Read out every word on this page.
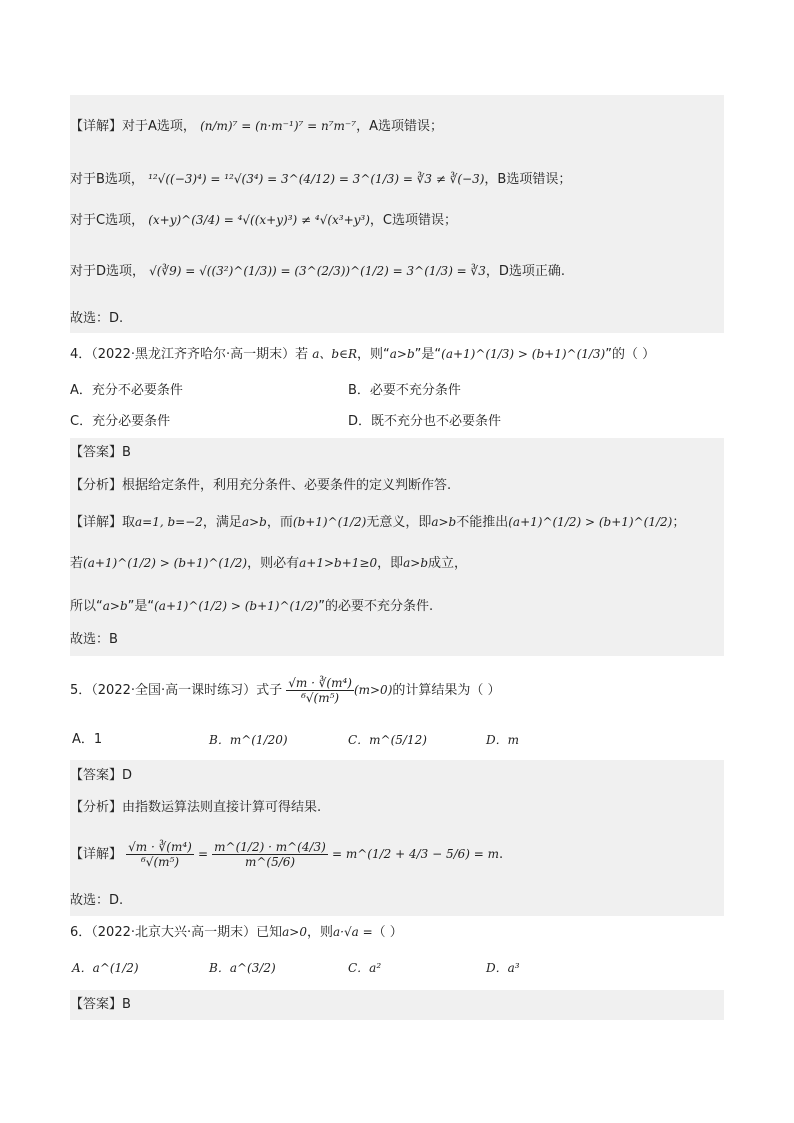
【详解】对于A选项， (n/m)⁷ = (n·m⁻¹)⁷ = n⁷m⁻⁷，A选项错误；
对于B选项， ¹²√((−3)⁴) = ¹²√(3⁴) = 3^(4/12) = 3^(1/3) = ∛3 ≠ ∛(−3)，B选项错误；
对于C选项， (x+y)^(3/4) = ⁴√((x+y)³) ≠ ⁴√(x³+y³)，C选项错误；
对于D选项， √(∛9) = √((3²)^(1/3)) = (3^(2/3))^(1/2) = 3^(1/3) = ∛3，D选项正确.
故选：D.
4．（2022·黑龙江齐齐哈尔·高一期末）若 a、b∈R，则“a>b”是“(a+1)^(1/3) > (b+1)^(1/3)”的（ ）
A．充分不必要条件	B．必要不充分条件
C．充分必要条件	D．既不充分也不必要条件
【答案】B
【分析】根据给定条件，利用充分条件、必要条件的定义判断作答.
【详解】取a=1, b=−2，满足a>b，而(b+1)^(1/2)无意义，即a>b不能推出(a+1)^(1/2) > (b+1)^(1/2)；
若(a+1)^(1/2) > (b+1)^(1/2)，则必有a+1>b+1≥0，即a>b成立，
所以“a>b”是“(a+1)^(1/2) > (b+1)^(1/2)”的必要不充分条件.
故选：B
5．（2022·全国·高一课时练习）式子 $\frac{\text{√m · ∛(m⁴)}}{\text{⁶√(m⁵)}} (m>0)$的计算结果为（ ）
A．1	B．m^(1/20)	C．m^(5/12)	D．m
【答案】D
【分析】由指数运算法则直接计算可得结果.
【详解】 $\frac{\text{√m · ∛(m⁴)}}{\text{⁶√(m⁵)}} = \frac{m\^{}(1/2) \cdot m\^{}(4/3)}{m\^{}(5/6)}$ = m^(1/2 + 4/3 − 5/6) = m.
故选：D.
6．（2022·北京大兴·高一期末）已知a>0，则a·√a =（ ）
A．a^(1/2)	B．a^(3/2)	C．a²	D．a³
【答案】B
